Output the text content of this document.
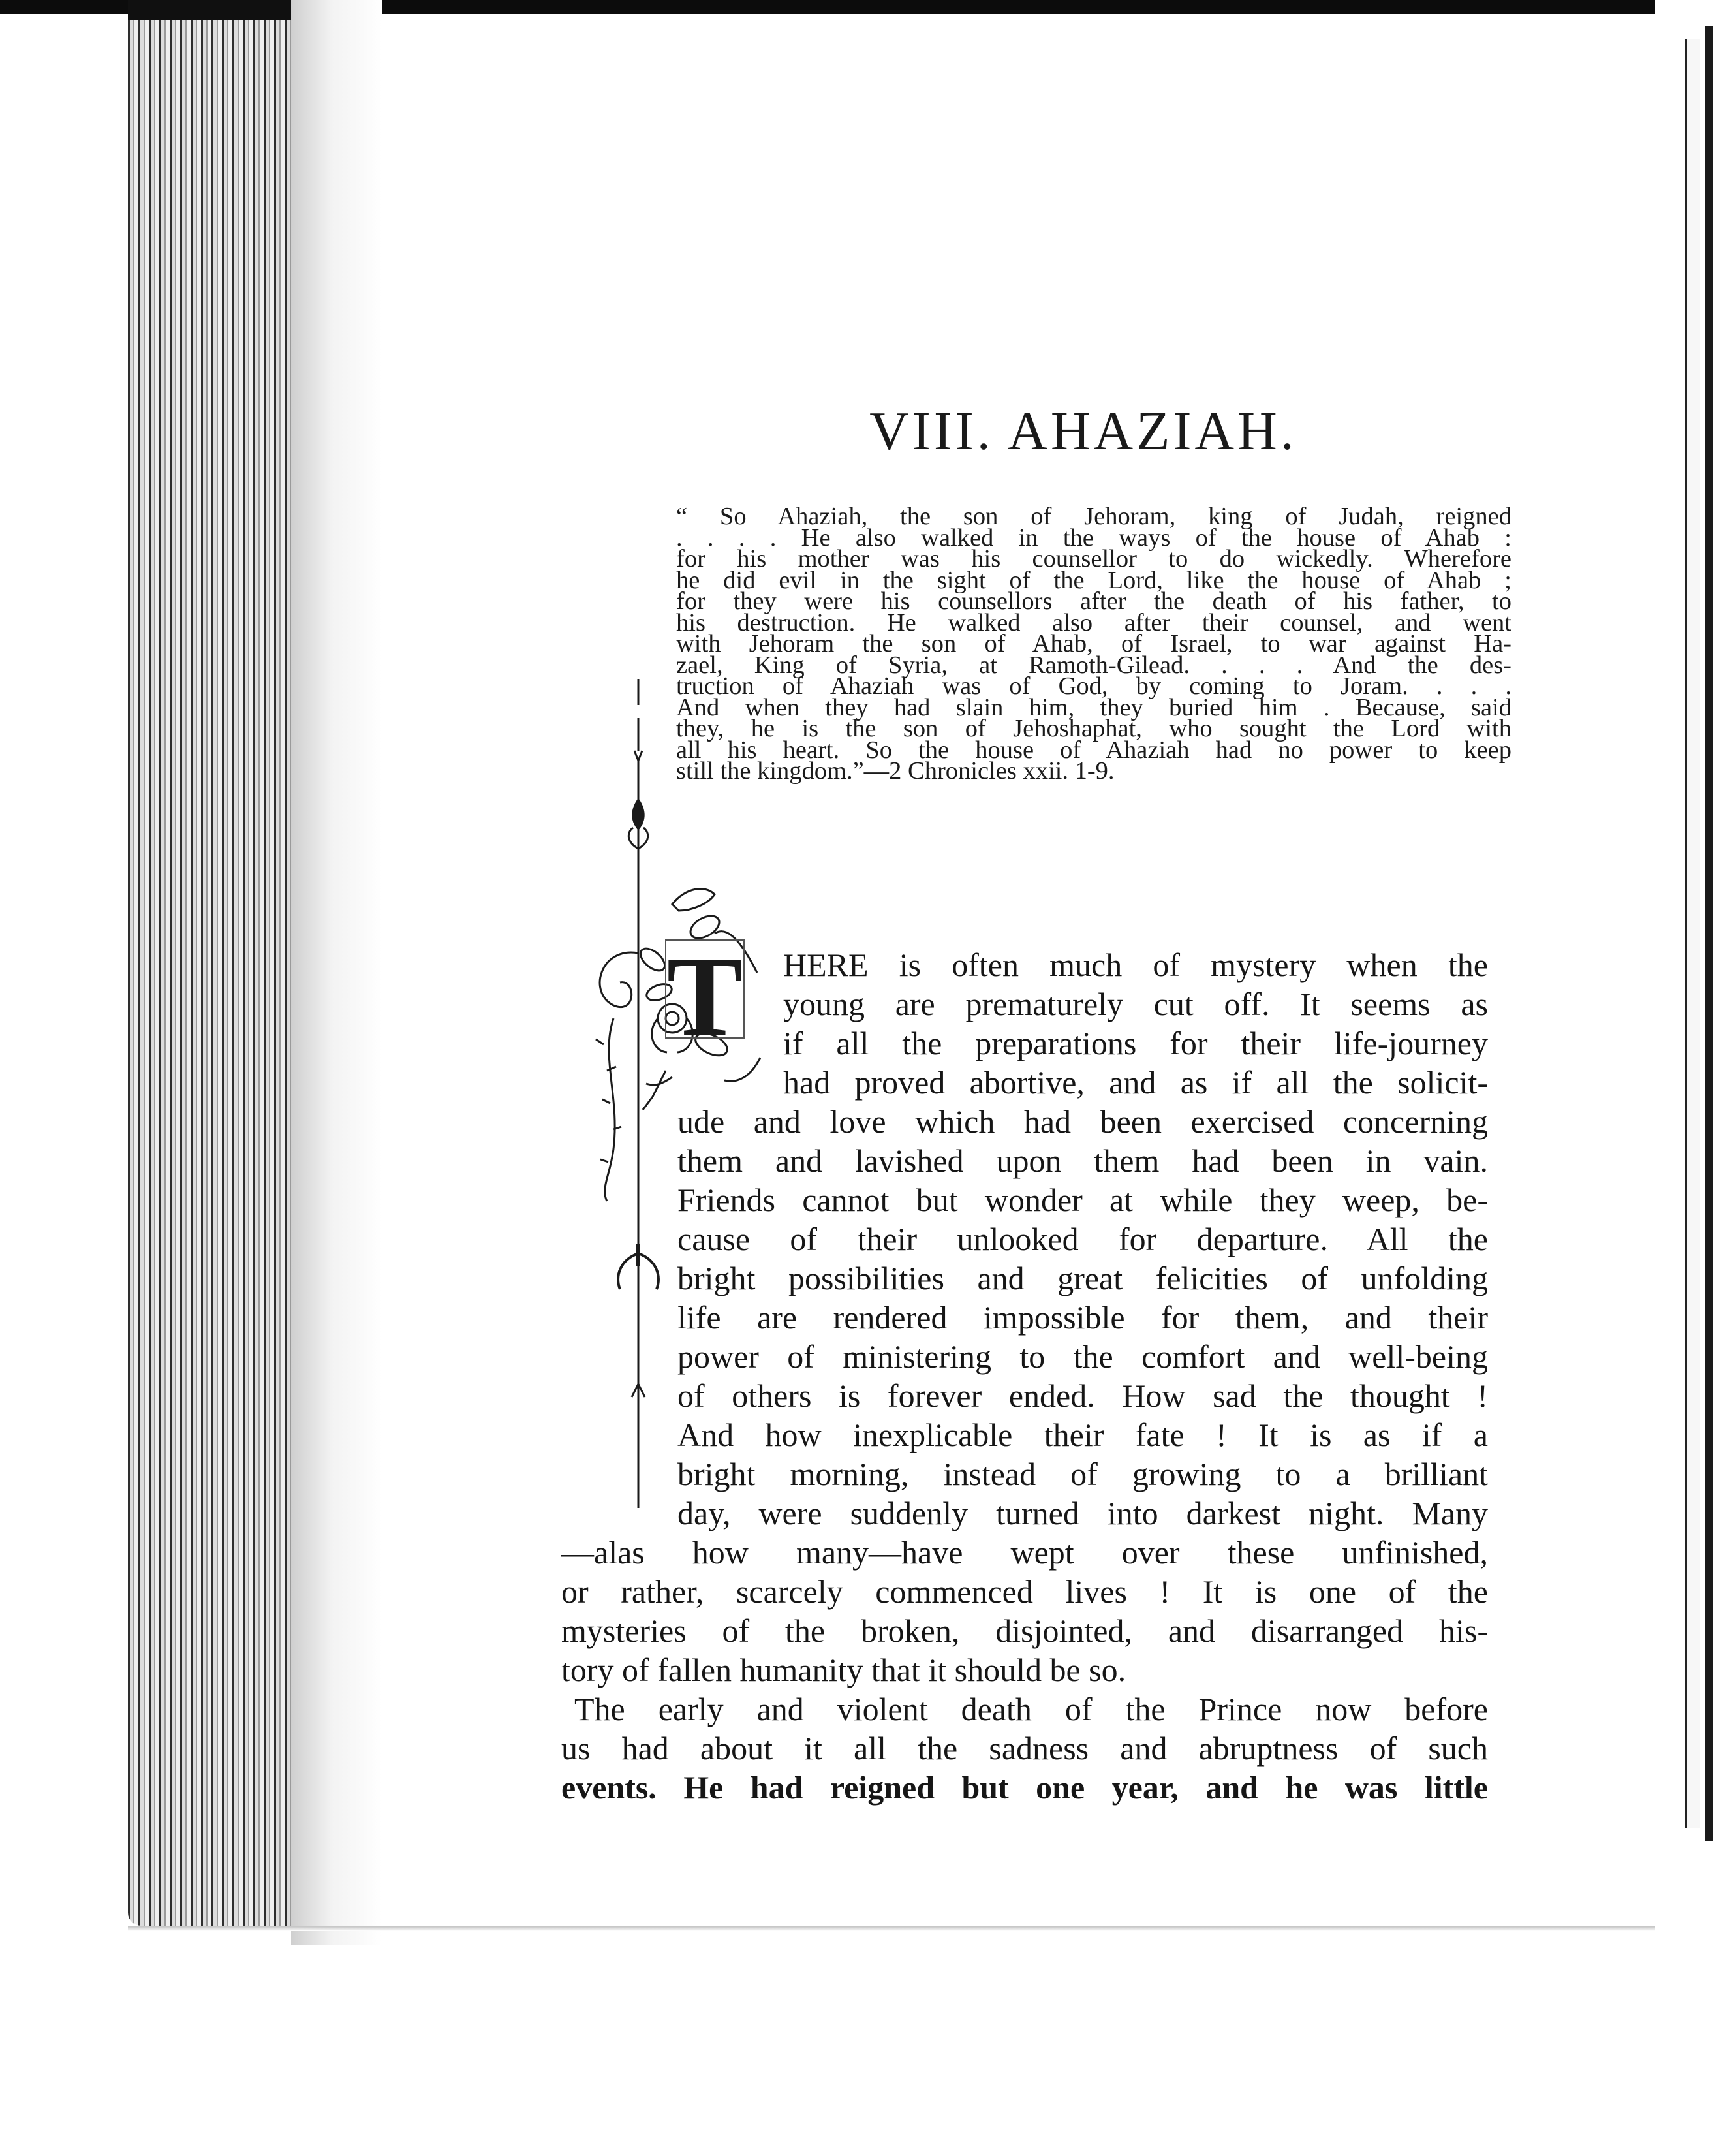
VIII. AHAZIAH.
“ So Ahaziah, the son of Jehoram, king of Judah, reigned
. . . . He also walked in the ways of the house of Ahab :
for his mother was his counsellor to do wickedly. Wherefore
he did evil in the sight of the Lord, like the house of Ahab ;
for they were his counsellors after the death of his father, to
his destruction. He walked also after their counsel, and went
with Jehoram the son of Ahab, of Israel, to war against Ha-
zael, King of Syria, at Ramoth-Gilead. . . . And the des-
truction of Ahaziah was of God, by coming to Joram. . . .
And when they had slain him, they buried him . Because, said
they, he is the son of Jehoshaphat, who sought the Lord with
all his heart. So the house of Ahaziah had no power to keep
still the kingdom.”—2 Chronicles xxii. 1-9.
T HERE is often much of mystery when the
young are prematurely cut off. It seems as
if all the preparations for their life-journey
had proved abortive, and as if all the solicit-
ude and love which had been exercised concerning
them and lavished upon them had been in vain.
Friends cannot but wonder at while they weep, be-
cause of their unlooked for departure. All the
bright possibilities and great felicities of unfolding
life are rendered impossible for them, and their
power of ministering to the comfort and well-being
of others is forever ended. How sad the thought !
And how inexplicable their fate ! It is as if a
bright morning, instead of growing to a brilliant
day, were suddenly turned into darkest night. Many
—alas how many—have wept over these unfinished,
or rather, scarcely commenced lives ! It is one of the
mysteries of the broken, disjointed, and disarranged his-
tory of fallen humanity that it should be so.
The early and violent death of the Prince now before
us had about it all the sadness and abruptness of such
events. He had reigned but one year, and he was little
